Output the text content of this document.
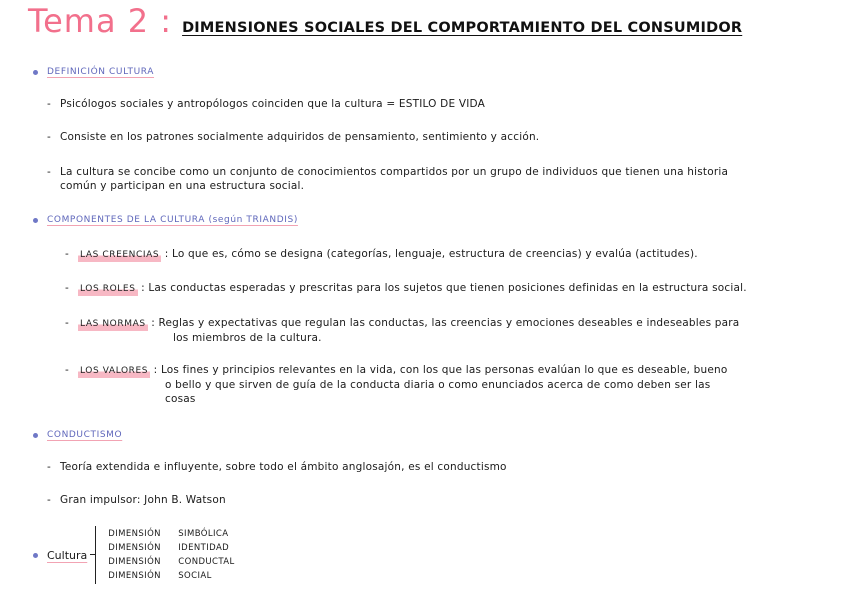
Tema 2 : DIMENSIONES SOCIALES DEL COMPORTAMIENTO DEL CONSUMIDOR
DEFINICIÓN CULTURA
- Psicólogos sociales y antropólogos coinciden que la cultura = ESTILO DE VIDA
- Consiste en los patrones socialmente adquiridos de pensamiento, sentimiento y acción.
- La cultura se concibe como un conjunto de conocimientos compartidos por un grupo de individuos que tienen una historia
común y participan en una estructura social.
COMPONENTES DE LA CULTURA (según TRIANDIS)
- LAS CREENCIAS : Lo que es, cómo se designa (categorías, lenguaje, estructura de creencias) y evalúa (actitudes).
- LOS ROLES : Las conductas esperadas y prescritas para los sujetos que tienen posiciones definidas en la estructura social.
- LAS NORMAS : Reglas y expectativas que regulan las conductas, las creencias y emociones deseables e indeseables para
los miembros de la cultura.
- LOS VALORES : Los fines y principios relevantes en la vida, con los que las personas evalúan lo que es deseable, bueno
o bello y que sirven de guía de la conducta diaria o como enunciados acerca de como deben ser las
cosas
CONDUCTISMO
- Teoría extendida e influyente, sobre todo el ámbito anglosajón, es el conductismo
- Gran impulsor: John B. Watson
Cultura
DIMENSIÓN SIMBÓLICA
DIMENSIÓN IDENTIDAD
DIMENSIÓN CONDUCTAL
DIMENSIÓN SOCIAL
